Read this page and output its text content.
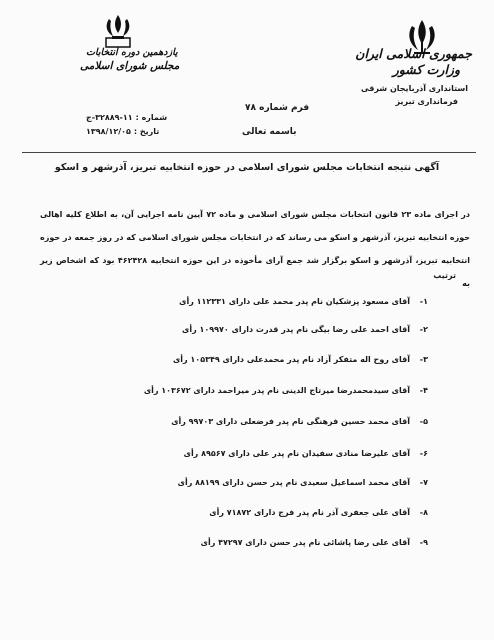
جمهوری اسلامی ایران
وزارت کشور
استانداری آذربایجان شرقی
فرمانداری تبریز
یازدهمین دوره انتخابات
مجلس شورای اسلامی
فرم شماره ۷۸
باسمه تعالی
شماره :
۳۲۸۸۹-۱۱-ج
تاریخ :
۱۳۹۸/۱۲/۰۵
آگهی نتیجه انتخابات مجلس شورای اسلامی در حوزه انتخابیه تبریز، آذرشهر و اسکو
در اجرای ماده ۲۳ قانون انتخابات مجلس شورای اسلامی و ماده ۷۲ آیین نامه اجرایی آن، به اطلاع کلیه اهالی حوزه انتخابیه تبریز، آذرشهر و اسکو می رساند که در انتخابات مجلس شورای اسلامی که در روز جمعه در حوزه انتخابیه تبریز، آذرشهر و اسکو برگزار شد جمع آرای مأخوذه در این حوزه انتخابیه ۴۶۲۴۲۸ بود که اشخاص زیر به
ترتیب
۱-
آقای مسعود پزشکیان نام پدر محمد علی دارای ۱۱۲۳۳۱ رأی
۲-
آقای احمد علی رضا بیگی نام پدر قدرت دارای ۱۰۹۹۷۰ رأی
۳-
آقای روح اله متفکر آزاد نام پدر محمدعلی دارای ۱۰۵۳۴۹ رأی
۴-
آقای سیدمحمدرضا میرتاج الدینی نام پدر میراحمد دارای ۱۰۳۶۷۲ رأی
۵-
آقای محمد حسین فرهنگی نام پدر فرضعلی دارای ۹۹۷۰۳ رأی
۶-
آقای علیرضا منادی سفیدان نام پدر علی دارای ۸۹۵۶۷ رأی
۷-
آقای محمد اسماعیل سعیدی نام پدر حسن دارای ۸۸۱۹۹ رأی
۸-
آقای علی جعفری آذر نام پدر فرج دارای ۷۱۸۷۲ رأی
۹-
آقای علی رضا پاشائی نام پدر حسن دارای ۴۷۲۹۷ رأی
